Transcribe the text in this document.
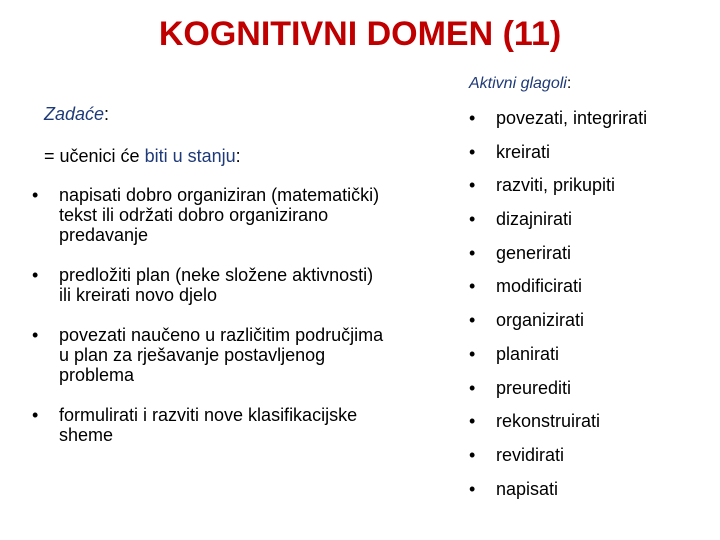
KOGNITIVNI DOMEN (11)
Aktivni glagoli:
Zadaće:
= učenici će biti u stanju:
• napisati dobro organiziran (matematički) tekst ili održati dobro organizirano predavanje
• predložiti plan (neke složene aktivnosti) ili kreirati novo djelo
• povezati naučeno u različitim područjima u plan za rješavanje postavljenog problema
• formulirati i razviti nove klasifikacijske sheme
• povezati, integrirati
• kreirati
• razviti, prikupiti
• dizajnirati
• generirati
• modificirati
• organizirati
• planirati
• preurediti
• rekonstruirati
• revidirati
• napisati
